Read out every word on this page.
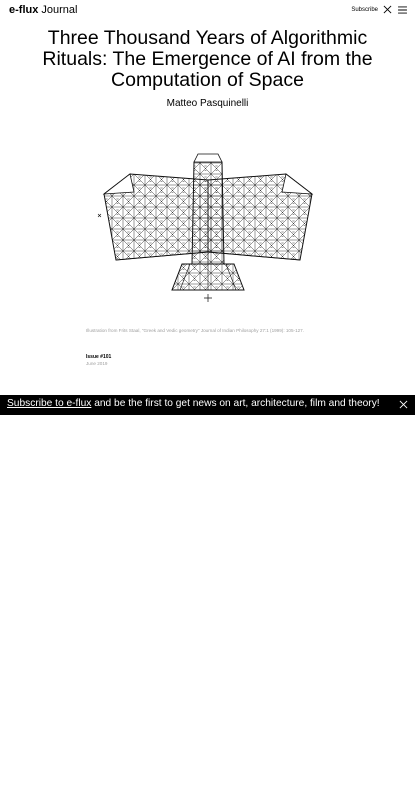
e-flux Journal	Subscribe
Three Thousand Years of Algorithmic Rituals: The Emergence of AI from the Computation of Space
Matteo Pasquinelli
Illustration from Frits Staal, "Greek and Vedic geometry" Journal of Indian Philosophy 27:1 (1999): 105-127.
Issue #101
June 2019
Subscribe to e-flux and be the first to get news on art, architecture, film and theory!
The advent of the intellect of computation and its inner alg...
